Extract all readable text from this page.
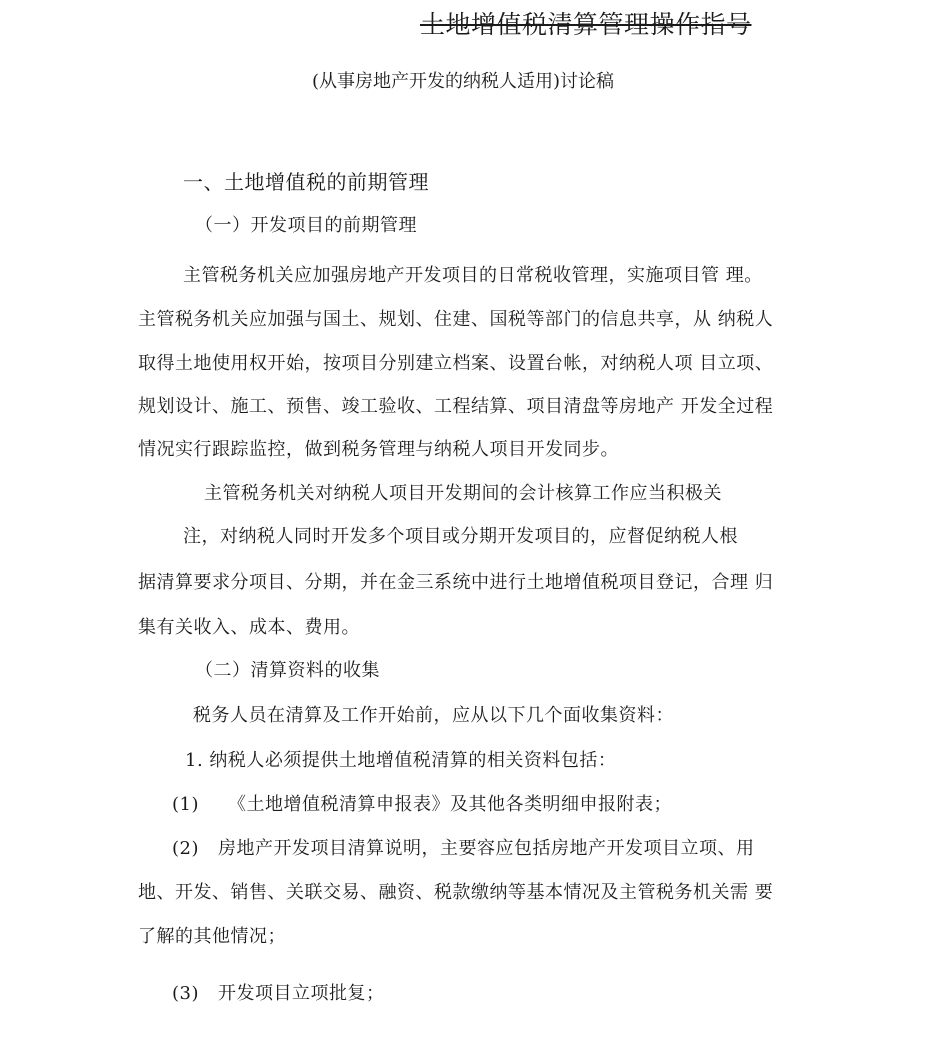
土地增值税清算管理操作指号
(从事房地产开发的纳税人适用)讨论稿
一、土地增值税的前期管理
（一）开发项目的前期管理
主管税务机关应加强房地产开发项目的日常税收管理，实施项目管 理。
主管税务机关应加强与国土、规划、住建、国税等部门的信息共享，从 纳税人
取得土地使用权开始，按项目分别建立档案、设置台帐，对纳税人项 目立项、
规划设计、施工、预售、竣工验收、工程结算、项目清盘等房地产 开发全过程
情况实行跟踪监控，做到税务管理与纳税人项目开发同步。
主管税务机关对纳税人项目开发期间的会计核算工作应当积极关
注，对纳税人同时开发多个项目或分期开发项目的，应督促纳税人根
据清算要求分项目、分期，并在金三系统中进行土地增值税项目登记，合理 归
集有关收入、成本、费用。
（二）清算资料的收集
税务人员在清算及工作开始前，应从以下几个面收集资料：
1. 纳税人必须提供土地增值税清算的相关资料包括：
(1) 《土地增值税清算申报表》及其他各类明细申报附表；
(2) 房地产开发项目清算说明，主要容应包括房地产开发项目立项、用
地、开发、销售、关联交易、融资、税款缴纳等基本情况及主管税务机关需 要
了解的其他情况；
(3) 开发项目立项批复；
